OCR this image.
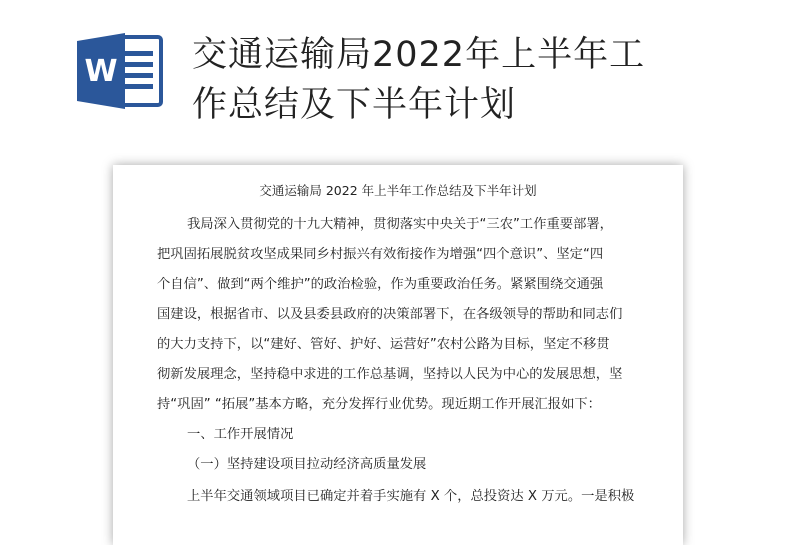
W 交通运输局2022年上半年工
作总结及下半年计划
交通运输局 2022 年上半年工作总结及下半年计划
我局深入贯彻党的十九大精神，贯彻落实中央关于“三农”工作重要部署，
把巩固拓展脱贫攻坚成果同乡村振兴有效衔接作为增强“四个意识”、坚定“四
个自信”、做到“两个维护”的政治检验，作为重要政治任务。紧紧围绕交通强
国建设，根据省市、以及县委县政府的决策部署下，在各级领导的帮助和同志们
的大力支持下，以“建好、管好、护好、运营好”农村公路为目标，坚定不移贯
彻新发展理念，坚持稳中求进的工作总基调，坚持以人民为中心的发展思想，坚
持“巩固” “拓展”基本方略，充分发挥行业优势。现近期工作开展汇报如下：
一、工作开展情况
（一）坚持建设项目拉动经济高质量发展
上半年交通领域项目已确定并着手实施有 X 个，总投资达 X 万元。一是积极
